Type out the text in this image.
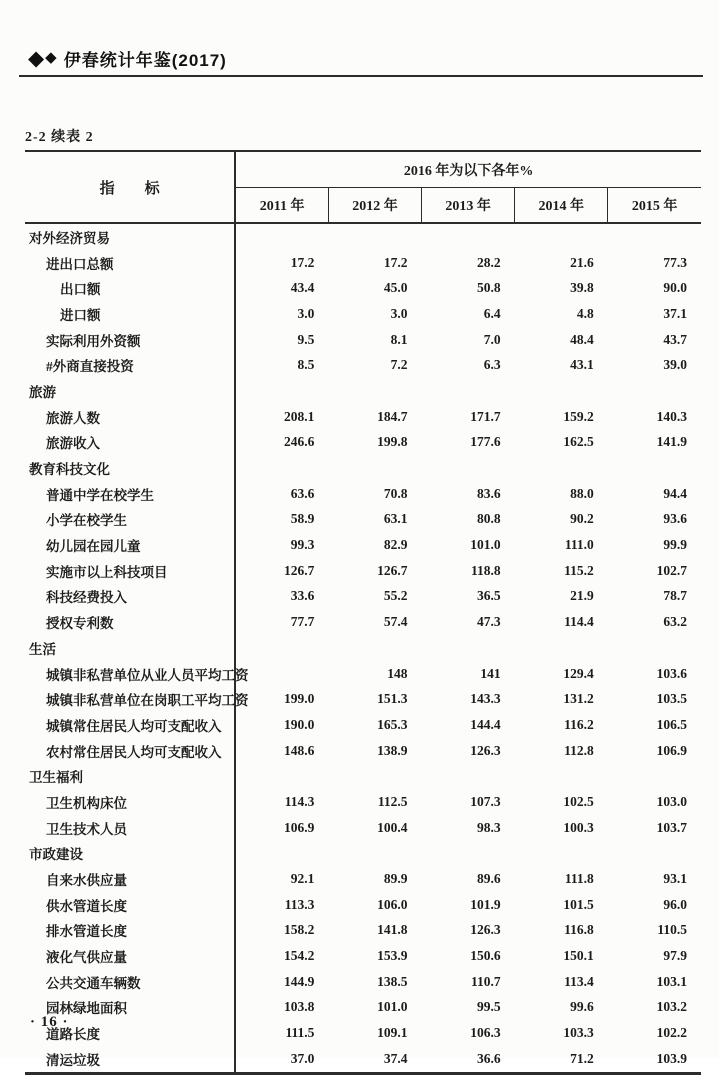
◆ ◆ 伊春统计年鉴(2017)
2-2 续表 2
指　　标	2016 年为以下各年%				
	2011 年	2012 年	2013 年	2014 年	2015 年
对外经济贸易					
进出口总额	17.2	17.2	28.2	21.6	77.3
出口额	43.4	45.0	50.8	39.8	90.0
进口额	3.0	3.0	6.4	4.8	37.1
实际利用外资额	9.5	8.1	7.0	48.4	43.7
#外商直接投资	8.5	7.2	6.3	43.1	39.0
旅游					
旅游人数	208.1	184.7	171.7	159.2	140.3
旅游收入	246.6	199.8	177.6	162.5	141.9
教育科技文化					
普通中学在校学生	63.6	70.8	83.6	88.0	94.4
小学在校学生	58.9	63.1	80.8	90.2	93.6
幼儿园在园儿童	99.3	82.9	101.0	111.0	99.9
实施市以上科技项目	126.7	126.7	118.8	115.2	102.7
科技经费投入	33.6	55.2	36.5	21.9	78.7
授权专利数	77.7	57.4	47.3	114.4	63.2
生活					
城镇非私营单位从业人员平均工资		148	141	129.4	103.6
城镇非私营单位在岗职工平均工资	199.0	151.3	143.3	131.2	103.5
城镇常住居民人均可支配收入	190.0	165.3	144.4	116.2	106.5
农村常住居民人均可支配收入	148.6	138.9	126.3	112.8	106.9
卫生福利					
卫生机构床位	114.3	112.5	107.3	102.5	103.0
卫生技术人员	106.9	100.4	98.3	100.3	103.7
市政建设					
自来水供应量	92.1	89.9	89.6	111.8	93.1
供水管道长度	113.3	106.0	101.9	101.5	96.0
排水管道长度	158.2	141.8	126.3	116.8	110.5
液化气供应量	154.2	153.9	150.6	150.1	97.9
公共交通车辆数	144.9	138.5	110.7	113.4	103.1
园林绿地面积	103.8	101.0	99.5	99.6	103.2
道路长度	111.5	109.1	106.3	103.3	102.2
清运垃圾	37.0	37.4	36.6	71.2	103.9
· 16 ·
